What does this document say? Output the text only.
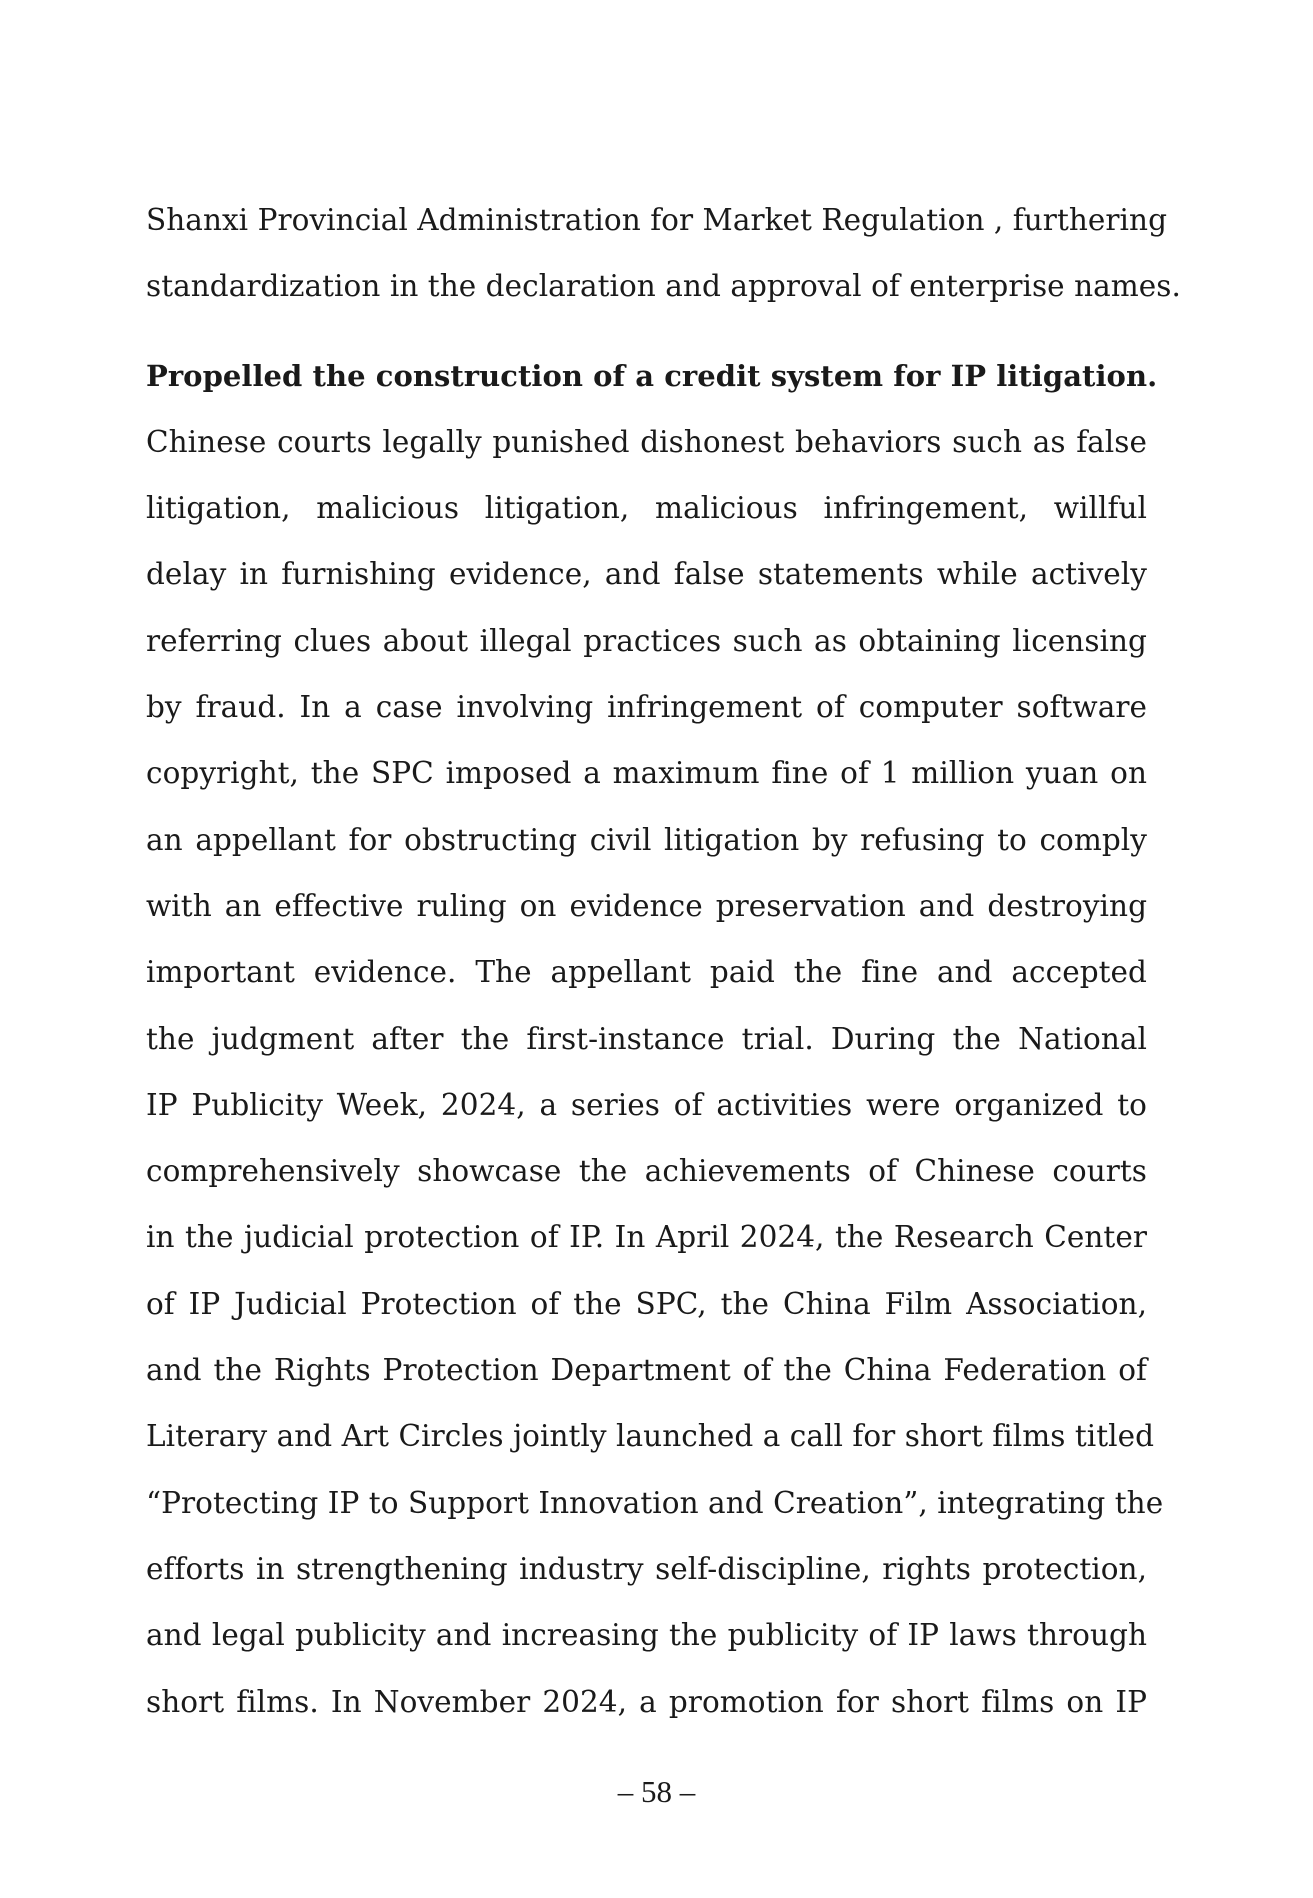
Shanxi Provincial Administration for Market Regulation , furthering
standardization in the declaration and approval of enterprise names.
Propelled the construction of a credit system for IP litigation.
Chinese courts legally punished dishonest behaviors such as false
litigation, malicious litigation, malicious infringement, willful
delay in furnishing evidence, and false statements while actively
referring clues about illegal practices such as obtaining licensing
by fraud. In a case involving infringement of computer software
copyright, the SPC imposed a maximum fine of 1 million yuan on
an appellant for obstructing civil litigation by refusing to comply
with an effective ruling on evidence preservation and destroying
important evidence. The appellant paid the fine and accepted
the judgment after the first-instance trial. During the National
IP Publicity Week, 2024, a series of activities were organized to
comprehensively showcase the achievements of Chinese courts
in the judicial protection of IP. In April 2024, the Research Center
of IP Judicial Protection of the SPC, the China Film Association,
and the Rights Protection Department of the China Federation of
Literary and Art Circles jointly launched a call for short films titled
“Protecting IP to Support Innovation and Creation”, integrating the
efforts in strengthening industry self-discipline, rights protection,
and legal publicity and increasing the publicity of IP laws through
short films. In November 2024, a promotion for short films on IP
– 58 –
